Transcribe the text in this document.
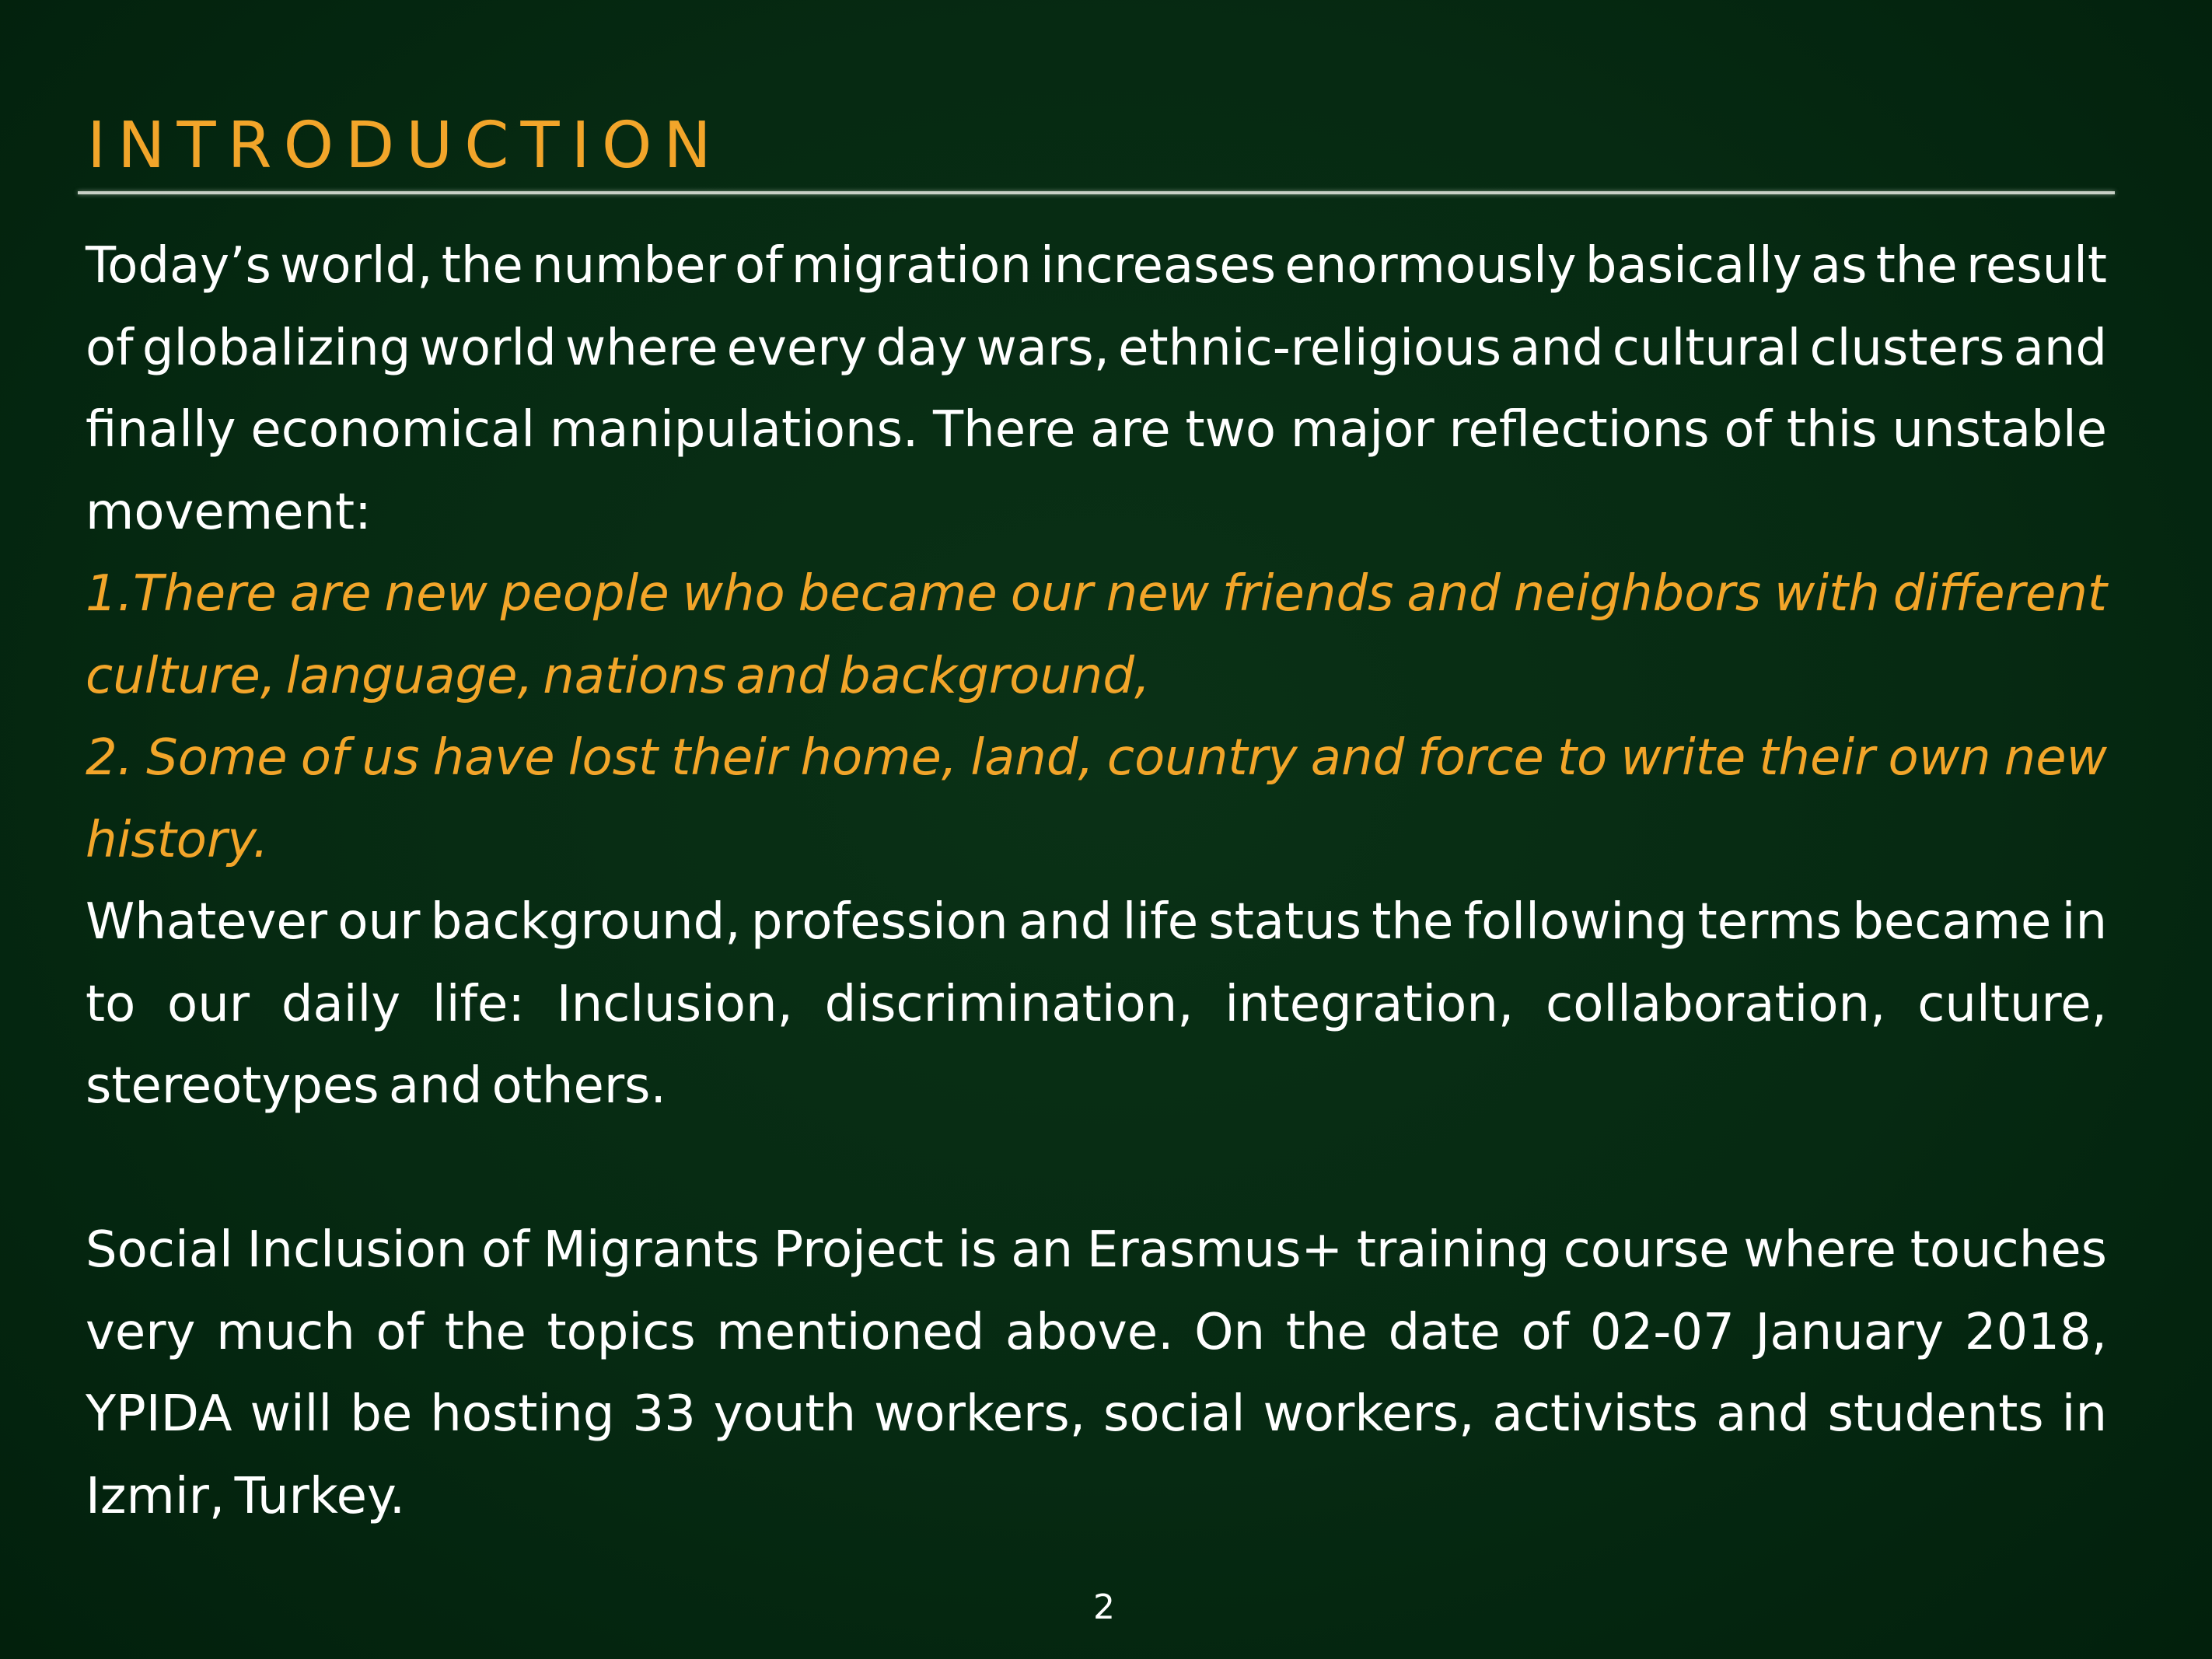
INTRODUCTION

Today’s world, the number of migration increases enormously basically as the result of globalizing world where every day wars, ethnic-religious and cultural clusters and finally economical manipulations. There are two major reflections of this unstable movement:

1.There are new people who became our new friends and neighbors with different culture, language, nations and background,

2. Some of us have lost their home, land, country and force to write their own new history.

Whatever our background, profession and life status the following terms became in to our daily life: Inclusion, discrimination, integration, collaboration, culture, stereotypes and others.

Social Inclusion of Migrants Project is an Erasmus+ training course where touches very much of the topics mentioned above. On the date of 02-07 January 2018, YPIDA will be hosting 33 youth workers, social workers, activists and students in Izmir, Turkey.

2
